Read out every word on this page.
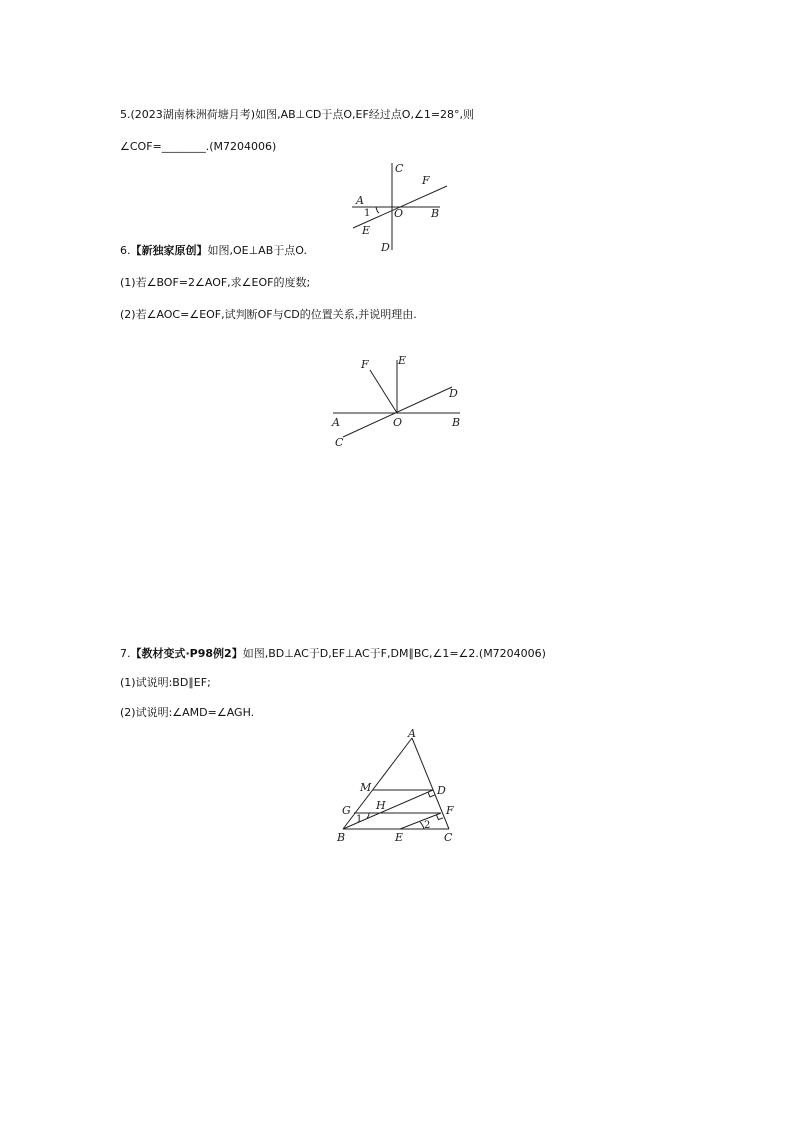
5.(2023湖南株洲荷塘月考)如图,AB⊥CD于点O,EF经过点O,∠1=28°,则

∠COF=________.(M7204006)

A
B
C
D
E
F
O
1

6.【新独家原创】如图,OE⊥AB于点O.

(1)若∠BOF=2∠AOF,求∠EOF的度数;

(2)若∠AOC=∠EOF,试判断OF与CD的位置关系,并说明理由.

A	B
C
D
E
F
O

7.【教材变式·P98例2】如图,BD⊥AC于D,EF⊥AC于F,DM∥BC,∠1=∠2.(M7204006)

(1)试说明:BD∥EF;

(2)试说明:∠AMD=∠AGH.

A
B	C
D
E
F
G H
M
1
2
